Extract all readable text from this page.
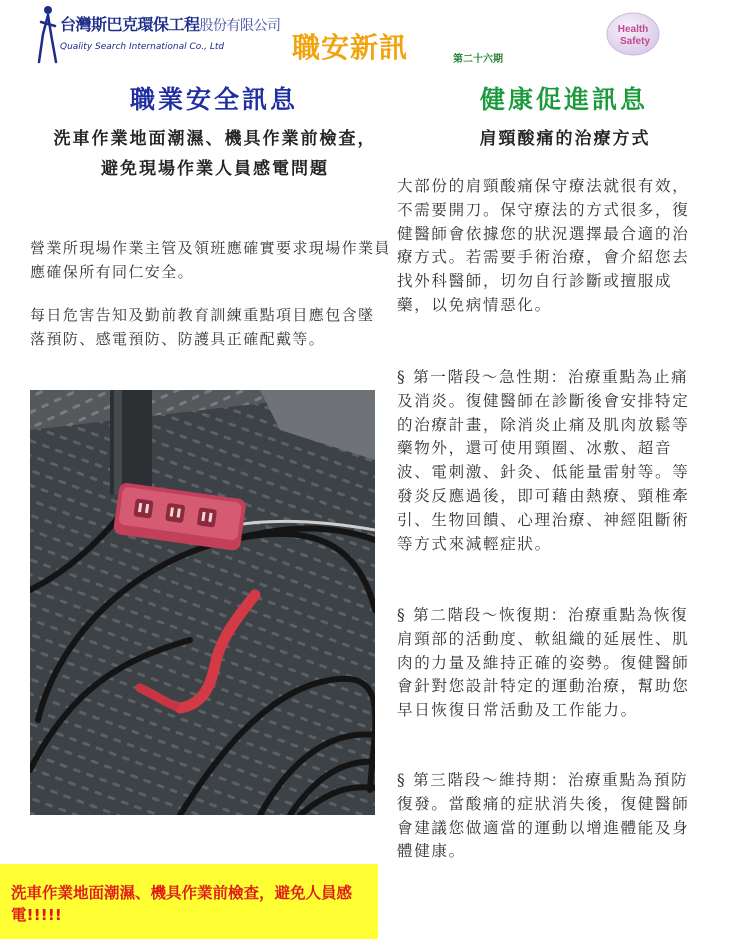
台灣斯巴克環保工程股份有限公司
Quality Search International Co., Ltd 職安新訊	第二十六期
Health
Safety
職業安全訊息	健康促進訊息
洗車作業地面潮濕、機具作業前檢查，
避免現場作業人員感電問題
肩頸酸痛的治療方式
營業所現場作業主管及領班應確實要求現場作業員應確保所有同仁安全。
每日危害告知及勤前教育訓練重點項目應包含墜落預防、感電預防、防護具正確配戴等。
大部份的肩頸酸痛保守療法就很有效，不需要開刀。保守療法的方式很多，復健醫師會依據您的狀況選擇最合適的治療方式。若需要手術治療，會介紹您去找外科醫師，切勿自行診斷或擅服成藥，以免病情惡化。
§ 第一階段～急性期：治療重點為止痛及消炎。復健醫師在診斷後會安排特定的治療計畫，除消炎止痛及肌肉放鬆等藥物外，還可使用頸圈、冰敷、超音波、電刺激、針灸、低能量雷射等。等發炎反應過後，即可藉由熱療、頸椎牽引、生物回饋、心理治療、神經阻斷術等方式來減輕症狀。
§ 第二階段～恢復期：治療重點為恢復肩頸部的活動度、軟組織的延展性、肌肉的力量及維持正確的姿勢。復健醫師會針對您設計特定的運動治療，幫助您早日恢復日常活動及工作能力。
§ 第三階段～維持期：治療重點為預防復發。當酸痛的症狀消失後，復健醫師會建議您做適當的運動以增進體能及身體健康。
洗車作業地面潮濕、機具作業前檢查，避免人員感電!!!!!
